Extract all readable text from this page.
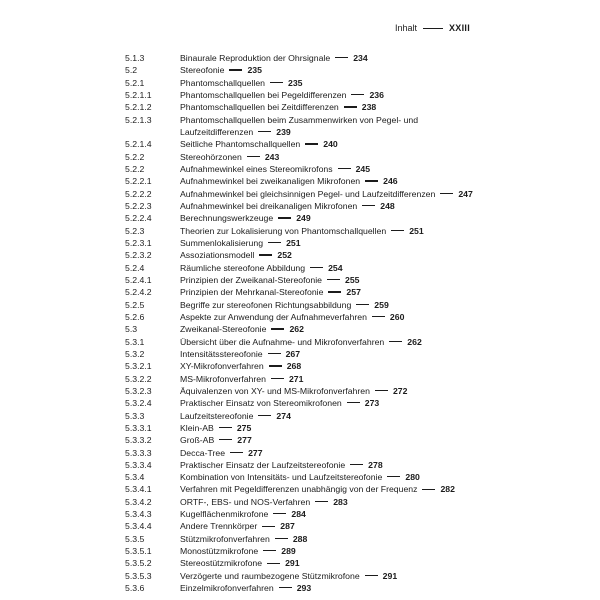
Inhalt	XXIII
5.1.3	Binaurale Reproduktion der Ohrsignale	234
5.2	Stereofonie	235
5.2.1	Phantomschallquellen	235
5.2.1.1	Phantomschallquellen bei Pegeldifferenzen	236
5.2.1.2	Phantomschallquellen bei Zeitdifferenzen	238
5.2.1.3	Phantomschallquellen beim Zusammenwirken von Pegel- und
Laufzeitdifferenzen	239
5.2.1.4	Seitliche Phantomschallquellen	240
5.2.2	Stereohörzonen	243
5.2.2	Aufnahmewinkel eines Stereomikrofons	245
5.2.2.1	Aufnahmewinkel bei zweikanaligen Mikrofonen	246
5.2.2.2	Aufnahmewinkel bei gleichsinnigen Pegel- und Laufzeitdifferenzen	247
5.2.2.3	Aufnahmewinkel bei dreikanaligen Mikrofonen	248
5.2.2.4	Berechnungswerkzeuge	249
5.2.3	Theorien zur Lokalisierung von Phantomschallquellen	251
5.2.3.1	Summenlokalisierung	251
5.2.3.2	Assoziationsmodell	252
5.2.4	Räumliche stereofone Abbildung	254
5.2.4.1	Prinzipien der Zweikanal-Stereofonie	255
5.2.4.2	Prinzipien der Mehrkanal-Stereofonie	257
5.2.5	Begriffe zur stereofonen Richtungsabbildung	259
5.2.6	Aspekte zur Anwendung der Aufnahmeverfahren	260
5.3	Zweikanal-Stereofonie	262
5.3.1	Übersicht über die Aufnahme- und Mikrofonverfahren	262
5.3.2	Intensitätsstereofonie	267
5.3.2.1	XY-Mikrofonverfahren	268
5.3.2.2	MS-Mikrofonverfahren	271
5.3.2.3	Äquivalenzen von XY- und MS-Mikrofonverfahren	272
5.3.2.4	Praktischer Einsatz von Stereomikrofonen	273
5.3.3	Laufzeitstereofonie	274
5.3.3.1	Klein-AB	275
5.3.3.2	Groß-AB	277
5.3.3.3	Decca-Tree	277
5.3.3.4	Praktischer Einsatz der Laufzeitstereofonie	278
5.3.4	Kombination von Intensitäts- und Laufzeitstereofonie	280
5.3.4.1	Verfahren mit Pegeldifferenzen unabhängig von der Frequenz	282
5.3.4.2	ORTF-, EBS- und NOS-Verfahren	283
5.3.4.3	Kugelflächenmikrofone	284
5.3.4.4	Andere Trennkörper	287
5.3.5	Stützmikrofonverfahren	288
5.3.5.1	Monostützmikrofone	289
5.3.5.2	Stereostützmikrofone	291
5.3.5.3	Verzögerte und raumbezogene Stützmikrofone	291
5.3.6	Einzelmikrofonverfahren	293
